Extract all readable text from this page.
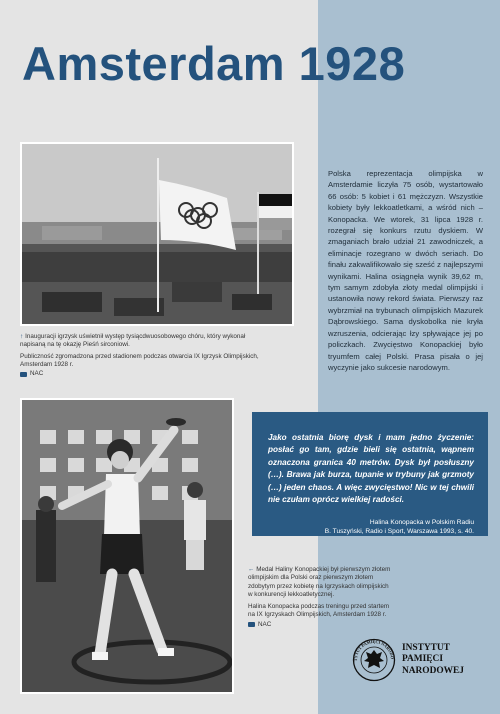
Amsterdam 1928
↑ Inauguracji igrzysk uświetnił występ tysiącdwuosobowego chóru, który wykonał
napisaną na tę okazję Pieśń sirconiowi.
Publiczność zgromadzona przed stadionem podczas otwarcia IX Igrzysk Olimpijskich,
Amsterdam 1928 r.
NAC
Polska reprezentacja olimpijska w Amsterdamie liczyła 75 osób, wystartowało 66 osób: 5 kobiet i 61 mężczyzn. Wszystkie kobiety były lekkoatletkami, a wśród nich – Konopacka. We wtorek, 31 lipca 1928 r. rozegrał się konkurs rzutu dyskiem. W zmaganiach brało udział 21 zawodniczek, a eliminacje rozegrano w dwóch seriach. Do finału zakwalifikowało się sześć z najlepszymi wynikami. Halina osiągnęła wynik 39,62 m, tym samym zdobyła złoty medal olimpijski i ustanowiła nowy rekord świata. Pierwszy raz wybrzmiał na trybunach olimpijskich Mazurek Dąbrowskiego. Sama dyskobolka nie kryła wzruszenia, odcierając łzy spływające jej po policzkach. Zwycięstwo Konopackiej było tryumfem całej Polski. Prasa pisała o jej wyczynie jako sukcesie narodowym.
Jako ostatnia biorę dysk i mam jedno życzenie: posłać go tam, gdzie bieli się ostatnia, wąpnem oznaczona granica 40 metrów. Dysk był posłuszny (…). Brawa jak burza, tupanie w trybuny jak grzmoty (…) jeden chaos. A więc zwycięstwo! Nic w tej chwili nie czułam oprócz wielkiej radości.
Halina Konopacka w Polskim Radiu
B. Tuszyński, Radio i Sport, Warszawa 1993, s. 40.
← Medal Haliny Konopackiej był pierwszym złotem
olimpijskim dla Polski oraz pierwszym złotem
zdobytym przez kobietę na Igrzyskach olimpijskich
w konkurencji lekkoatletycznej.
Halina Konopacka podczas treningu przed startem
na IX Igrzyskach Olimpijskich, Amsterdam 1928 r.
NAC
TYTUT PAMIĘCI NARODO
INSTYTUT
PAMIĘCI
NARODOWEJ
